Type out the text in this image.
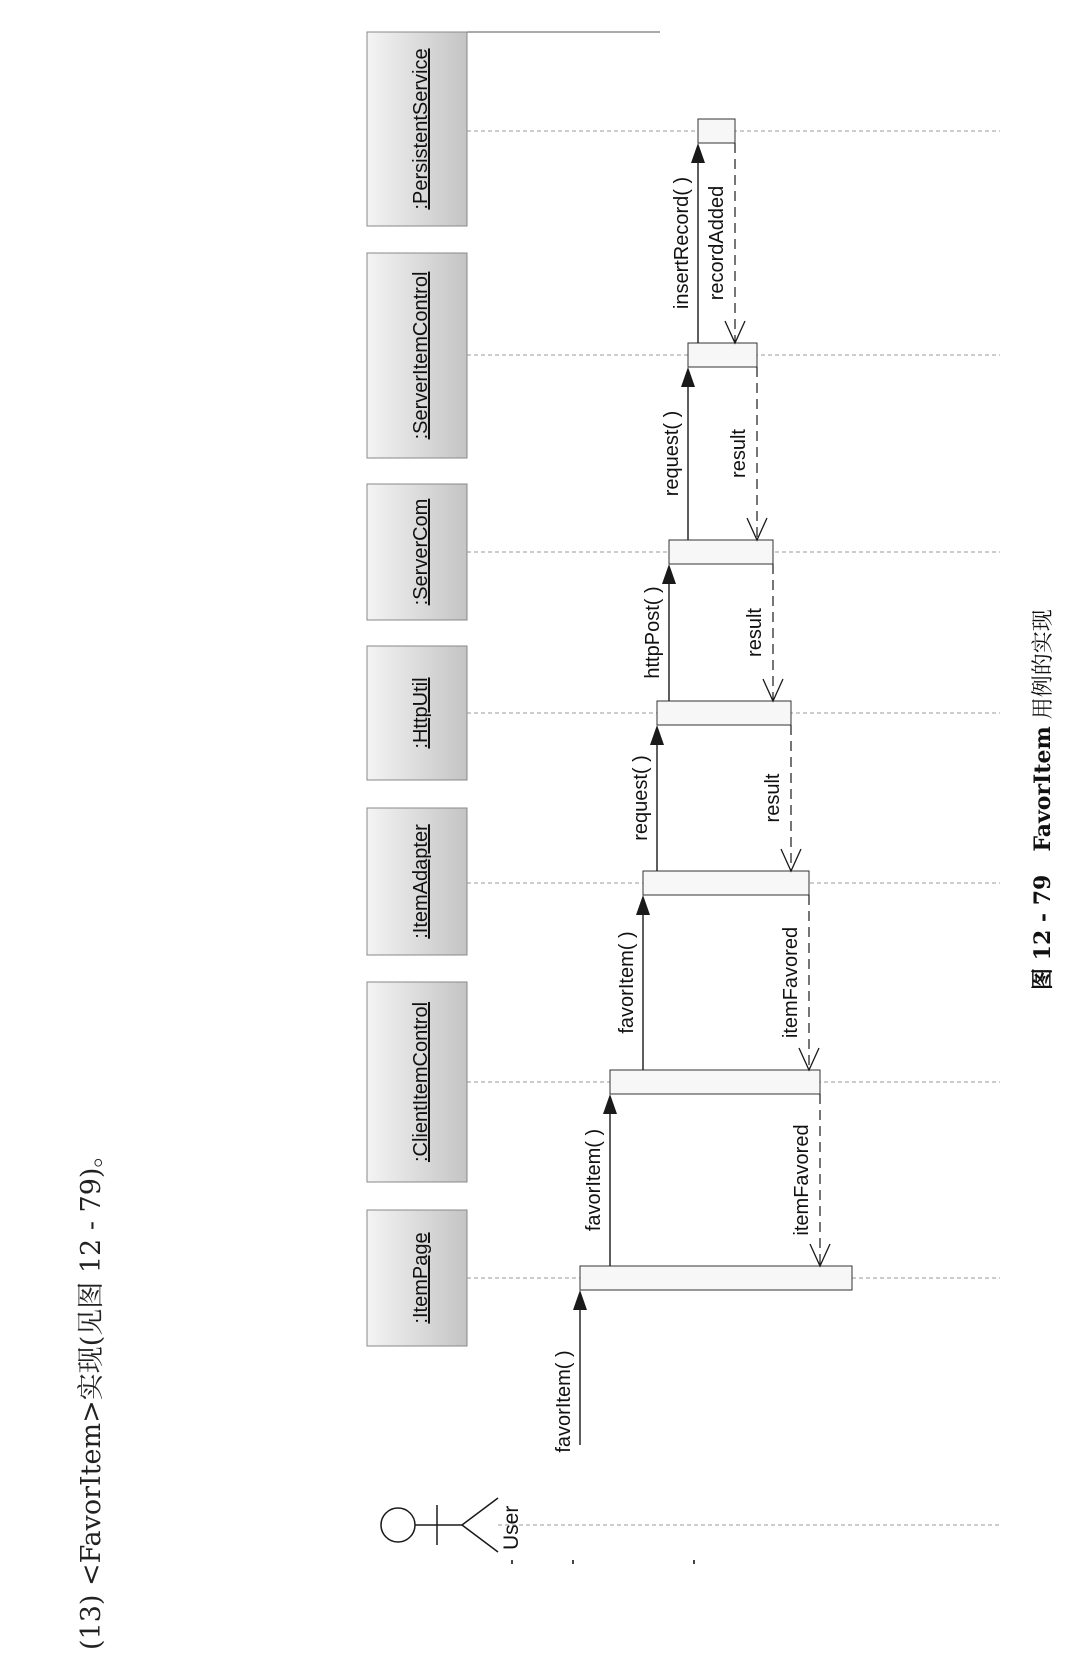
(13) <FavorItem>实现(见图 12 - 79)。	User
:ItemPage
:ClientItemControl
:ItemAdapter
:HttpUtil
:ServerCom
:ServerItemControl
:PersistentService
favorItem( )
favorItem( )
favorItem( )
request( )
httpPost( )
request( )
insertRecord( ) recordAdded
result
result
result
itemFavored
itemFavored
图 12 - 79 FavorItem 用例的实现
